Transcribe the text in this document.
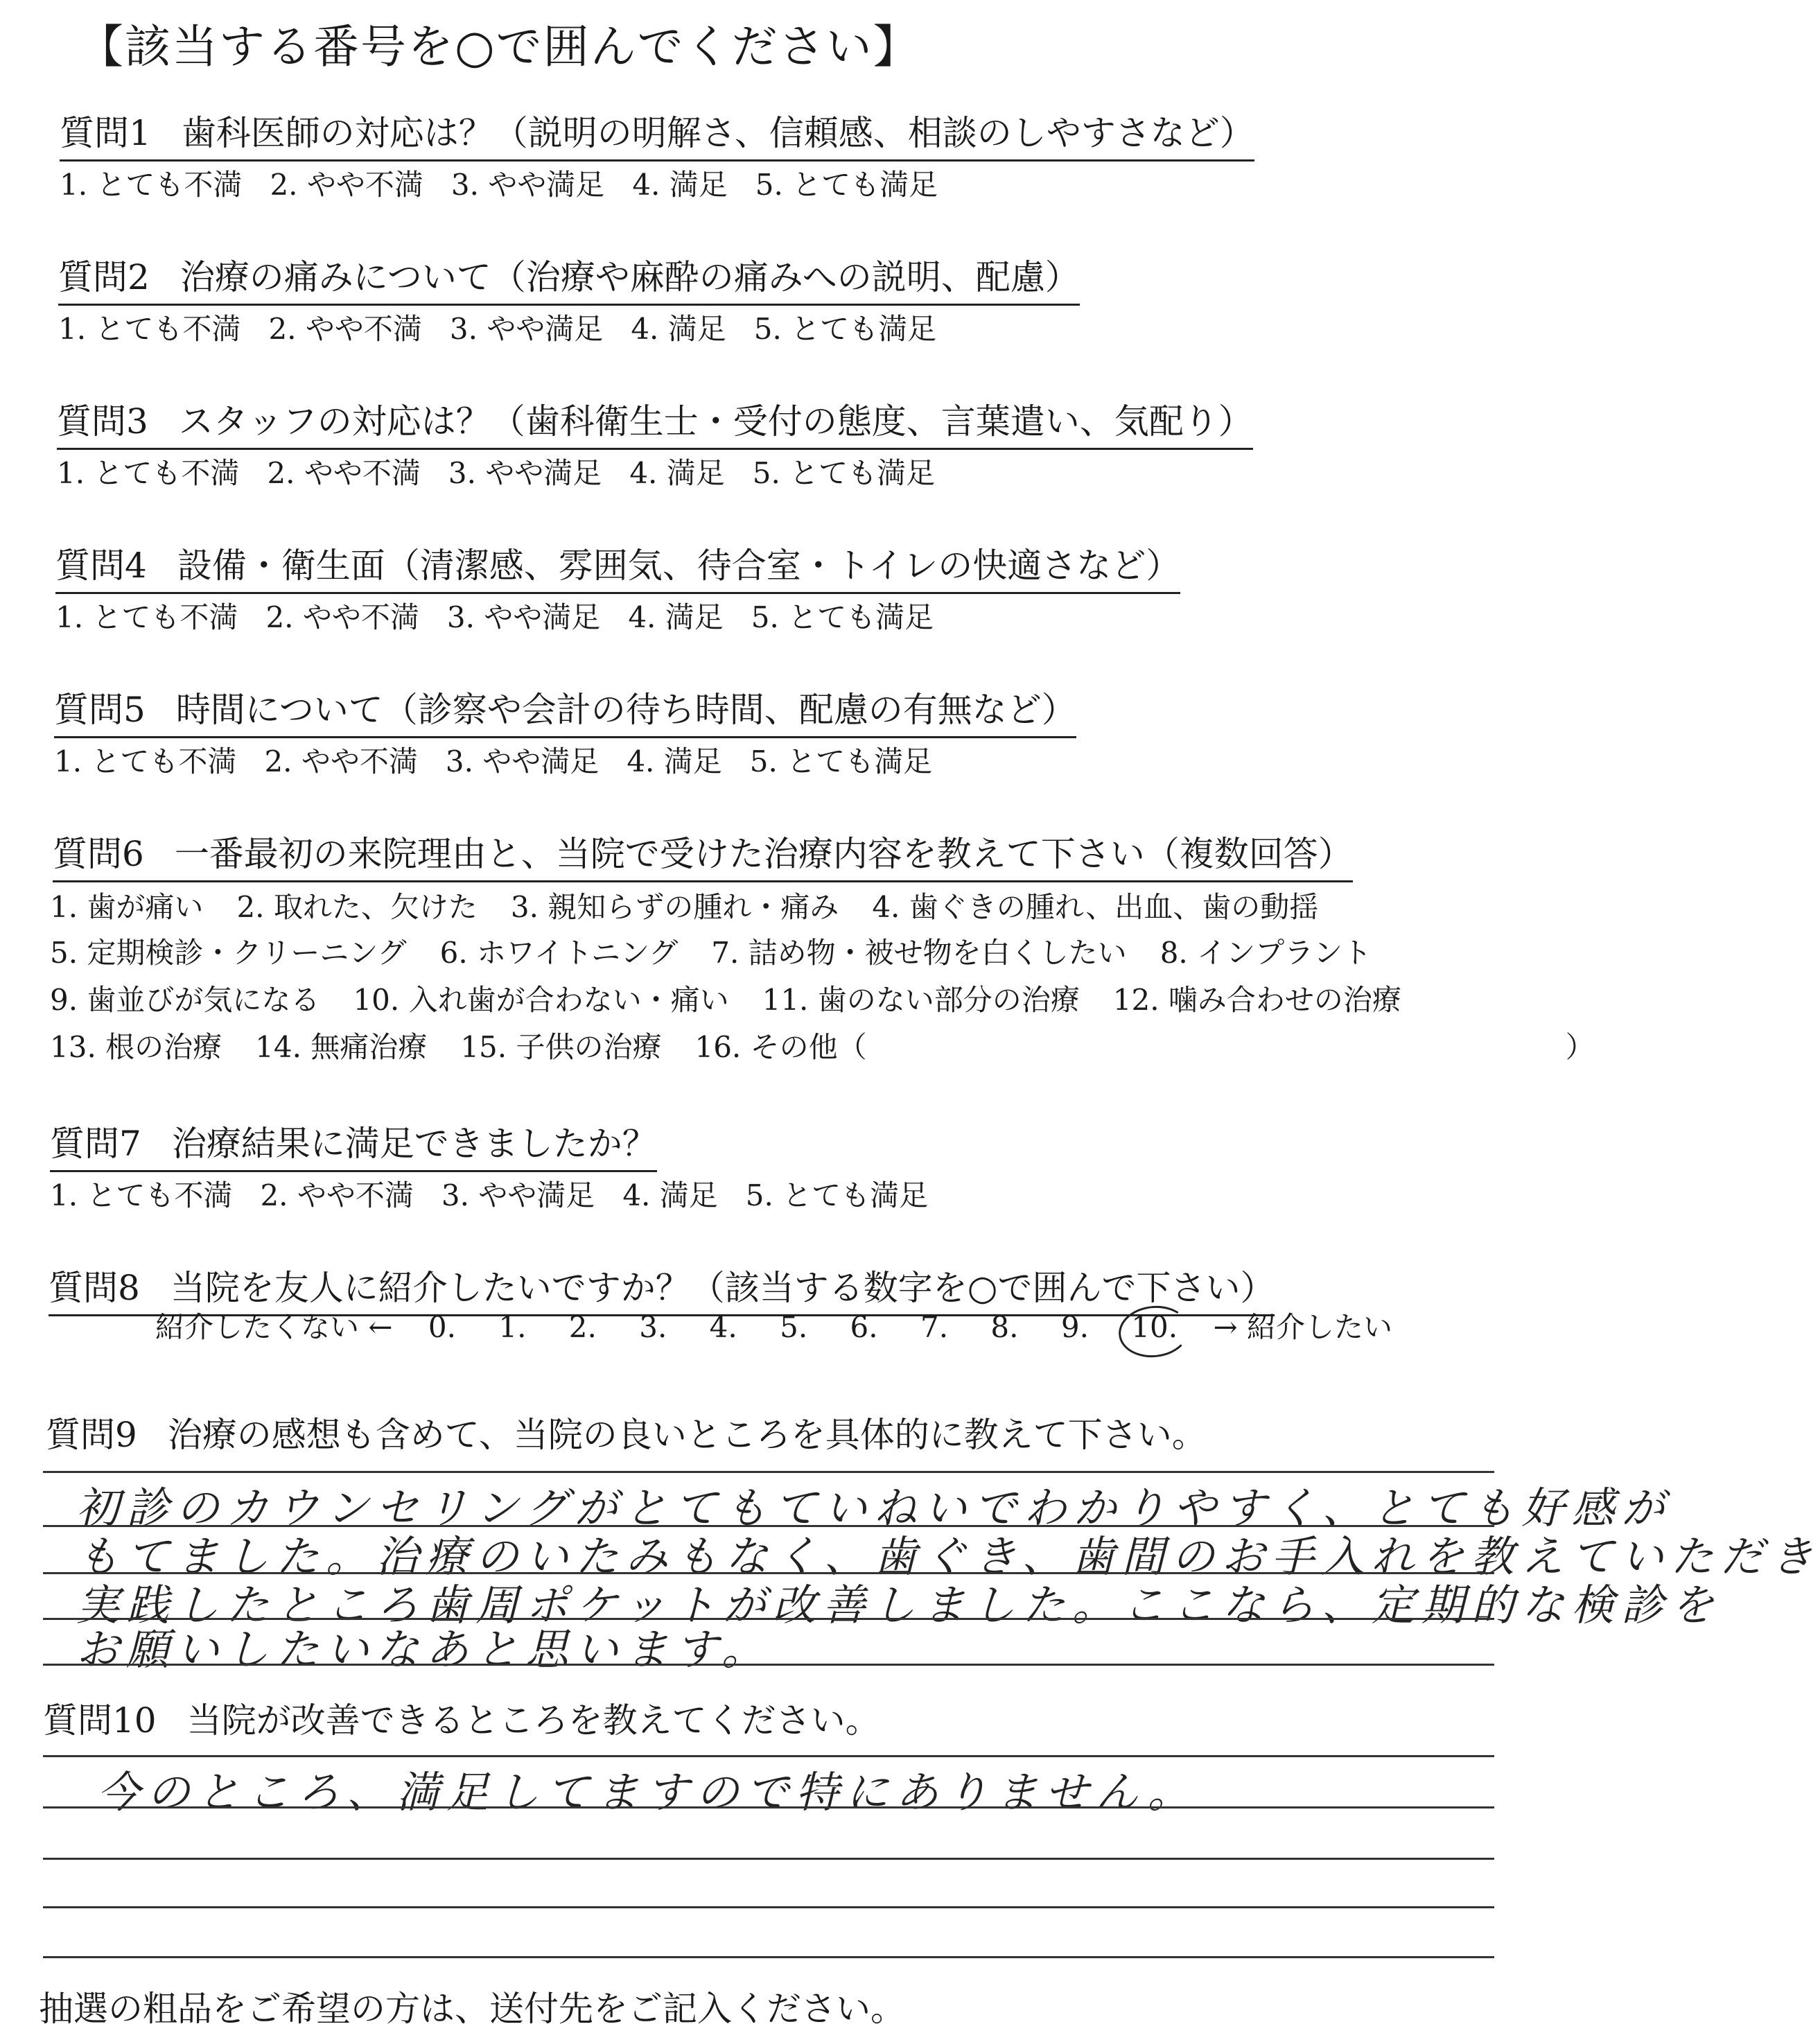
【該当する番号を○で囲んでください】
質問1 歯科医師の対応は？（説明の明解さ、信頼感、相談のしやすさなど）
1. とても不満 2. やや不満 3. やや満足 4. 満足 5. とても満足
質問2 治療の痛みについて（治療や麻酔の痛みへの説明、配慮）
1. とても不満 2. やや不満 3. やや満足 4. 満足 5. とても満足
質問3 スタッフの対応は？（歯科衛生士・受付の態度、言葉遣い、気配り）
1. とても不満 2. やや不満 3. やや満足 4. 満足 5. とても満足
質問4 設備・衛生面（清潔感、雰囲気、待合室・トイレの快適さなど）
1. とても不満 2. やや不満 3. やや満足 4. 満足 5. とても満足
質問5 時間について（診察や会計の待ち時間、配慮の有無など）
1. とても不満 2. やや不満 3. やや満足 4. 満足 5. とても満足
質問6 一番最初の来院理由と、当院で受けた治療内容を教えて下さい（複数回答）
1. 歯が痛い 2. 取れた、欠けた 3. 親知らずの腫れ・痛み 4. 歯ぐきの腫れ、出血、歯の動揺
5. 定期検診・クリーニング 6. ホワイトニング 7. 詰め物・被せ物を白くしたい 8. インプラント
9. 歯並びが気になる 10. 入れ歯が合わない・痛い 11. 歯のない部分の治療 12. 噛み合わせの治療
13. 根の治療 14. 無痛治療 15. 子供の治療 16. その他（　　　　　　　　　　　　　　　　　　　　　　　　）
質問7 治療結果に満足できましたか？
1. とても不満 2. やや不満 3. やや満足 4. 満足 5. とても満足
質問8 当院を友人に紹介したいですか？（該当する数字を○で囲んで下さい）
紹介したくない ← 0. 1. 2. 3. 4. 5. 6. 7. 8. 9. 10. → 紹介したい
質問9 治療の感想も含めて、当院の良いところを具体的に教えて下さい。
初診のカウンセリングがとてもていねいでわかりやすく、とても好感が
もてました。治療のいたみもなく、歯ぐき、歯間のお手入れを教えていただき
実践したところ歯周ポケットが改善しました。ここなら、定期的な検診を
お願いしたいなあと思います。
質問10 当院が改善できるところを教えてください。
今のところ、満足してますので特にありません。
抽選の粗品をご希望の方は、送付先をご記入ください。
